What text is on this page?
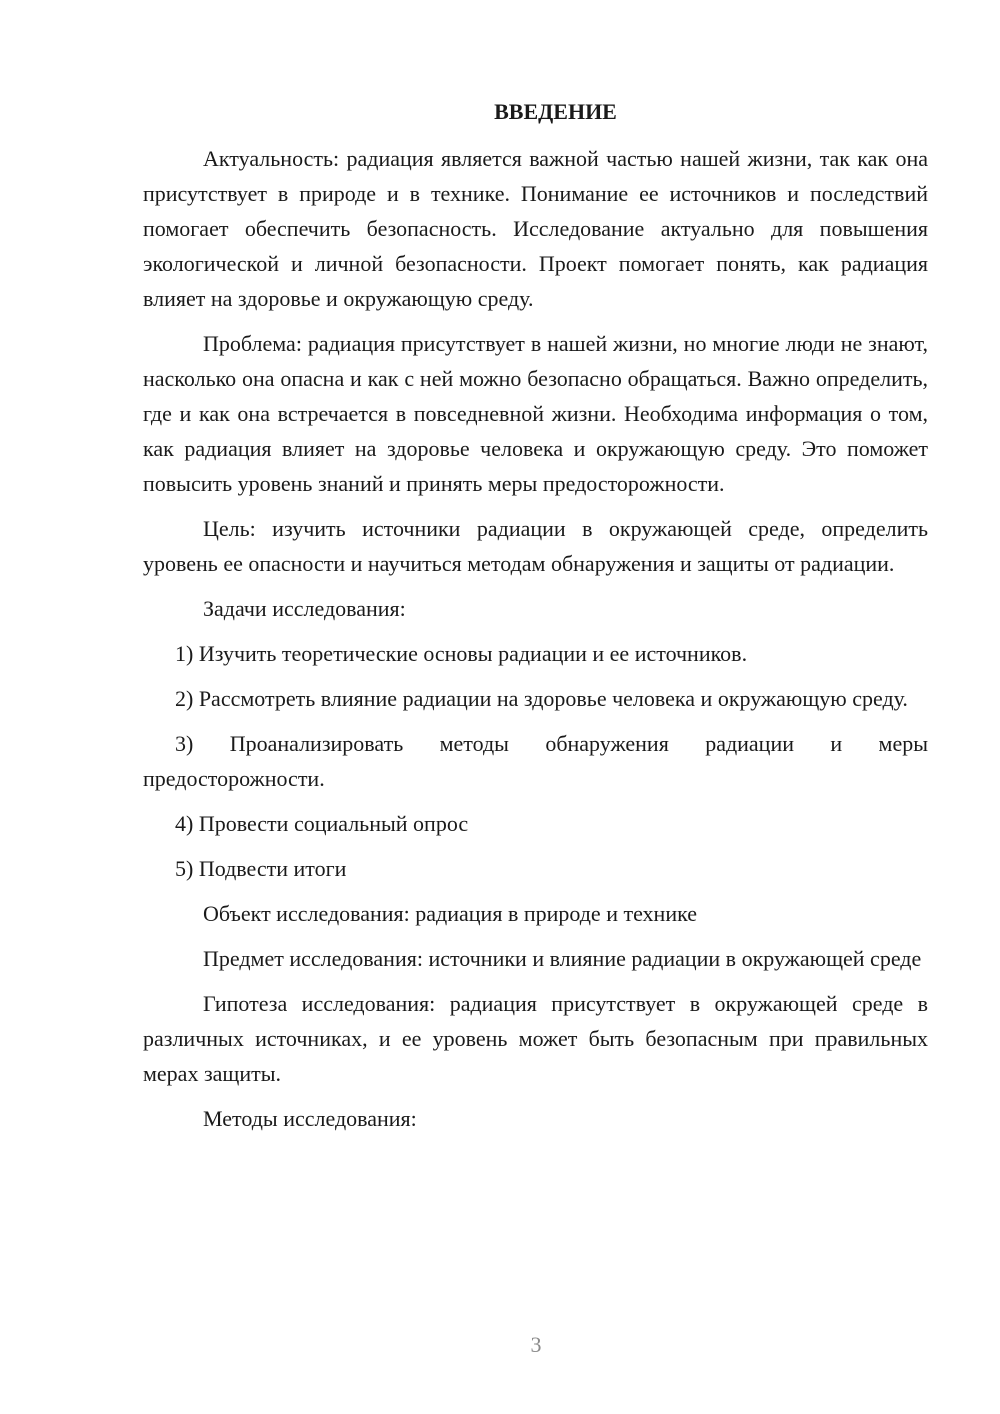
ВВЕДЕНИЕ

Актуальность: радиация является важной частью нашей жизни, так как она присутствует в природе и в технике. Понимание ее источников и последствий помогает обеспечить безопасность. Исследование актуально для повышения экологической и личной безопасности. Проект помогает понять, как радиация влияет на здоровье и окружающую среду.

Проблема: радиация присутствует в нашей жизни, но многие люди не знают, насколько она опасна и как с ней можно безопасно обращаться. Важно определить, где и как она встречается в повседневной жизни. Необходима информация о том, как радиация влияет на здоровье человека и окружающую среду. Это поможет повысить уровень знаний и принять меры предосторожности.

Цель: изучить источники радиации в окружающей среде, определить уровень ее опасности и научиться методам обнаружения и защиты от радиации.

Задачи исследования:

1) Изучить теоретические основы радиации и ее источников.

2) Рассмотреть влияние радиации на здоровье человека и окружающую среду.

3) Проанализировать методы обнаружения радиации и меры предосторожности.

4) Провести социальный опрос

5) Подвести итоги

Объект исследования: радиация в природе и технике

Предмет исследования: источники и влияние радиации в окружающей среде

Гипотеза исследования: радиация присутствует в окружающей среде в различных источниках, и ее уровень может быть безопасным при правильных мерах защиты.

Методы исследования:

3
